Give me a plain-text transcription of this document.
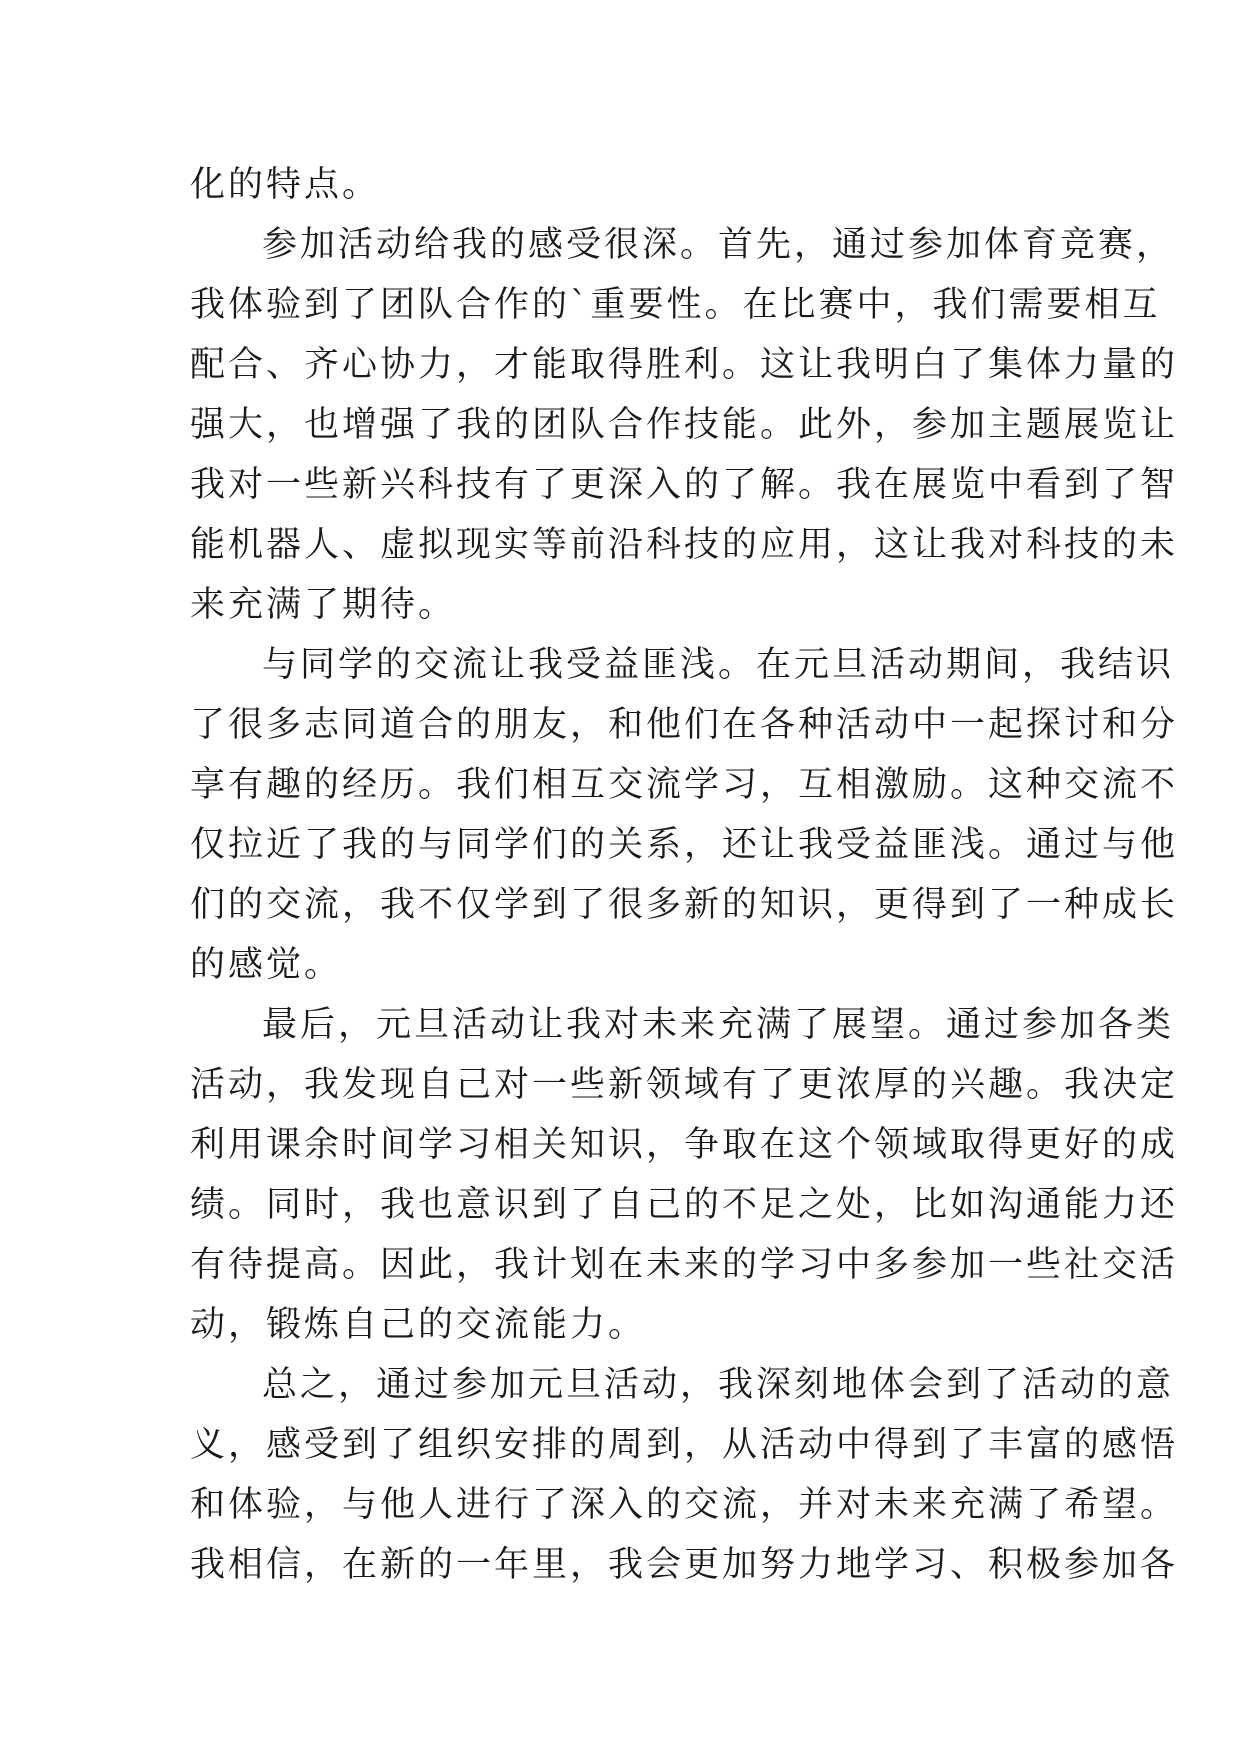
化的特点。
参加活动给我的感受很深。首先，通过参加体育竞赛，
我体验到了团队合作的`重要性。在比赛中，我们需要相互
配合、齐心协力，才能取得胜利。这让我明白了集体力量的
强大，也增强了我的团队合作技能。此外，参加主题展览让
我对一些新兴科技有了更深入的了解。我在展览中看到了智
能机器人、虚拟现实等前沿科技的应用，这让我对科技的未
来充满了期待。
与同学的交流让我受益匪浅。在元旦活动期间，我结识
了很多志同道合的朋友，和他们在各种活动中一起探讨和分
享有趣的经历。我们相互交流学习，互相激励。这种交流不
仅拉近了我的与同学们的关系，还让我受益匪浅。通过与他
们的交流，我不仅学到了很多新的知识，更得到了一种成长
的感觉。
最后，元旦活动让我对未来充满了展望。通过参加各类
活动，我发现自己对一些新领域有了更浓厚的兴趣。我决定
利用课余时间学习相关知识，争取在这个领域取得更好的成
绩。同时，我也意识到了自己的不足之处，比如沟通能力还
有待提高。因此，我计划在未来的学习中多参加一些社交活
动，锻炼自己的交流能力。
总之，通过参加元旦活动，我深刻地体会到了活动的意
义，感受到了组织安排的周到，从活动中得到了丰富的感悟
和体验，与他人进行了深入的交流，并对未来充满了希望。
我相信，在新的一年里，我会更加努力地学习、积极参加各
